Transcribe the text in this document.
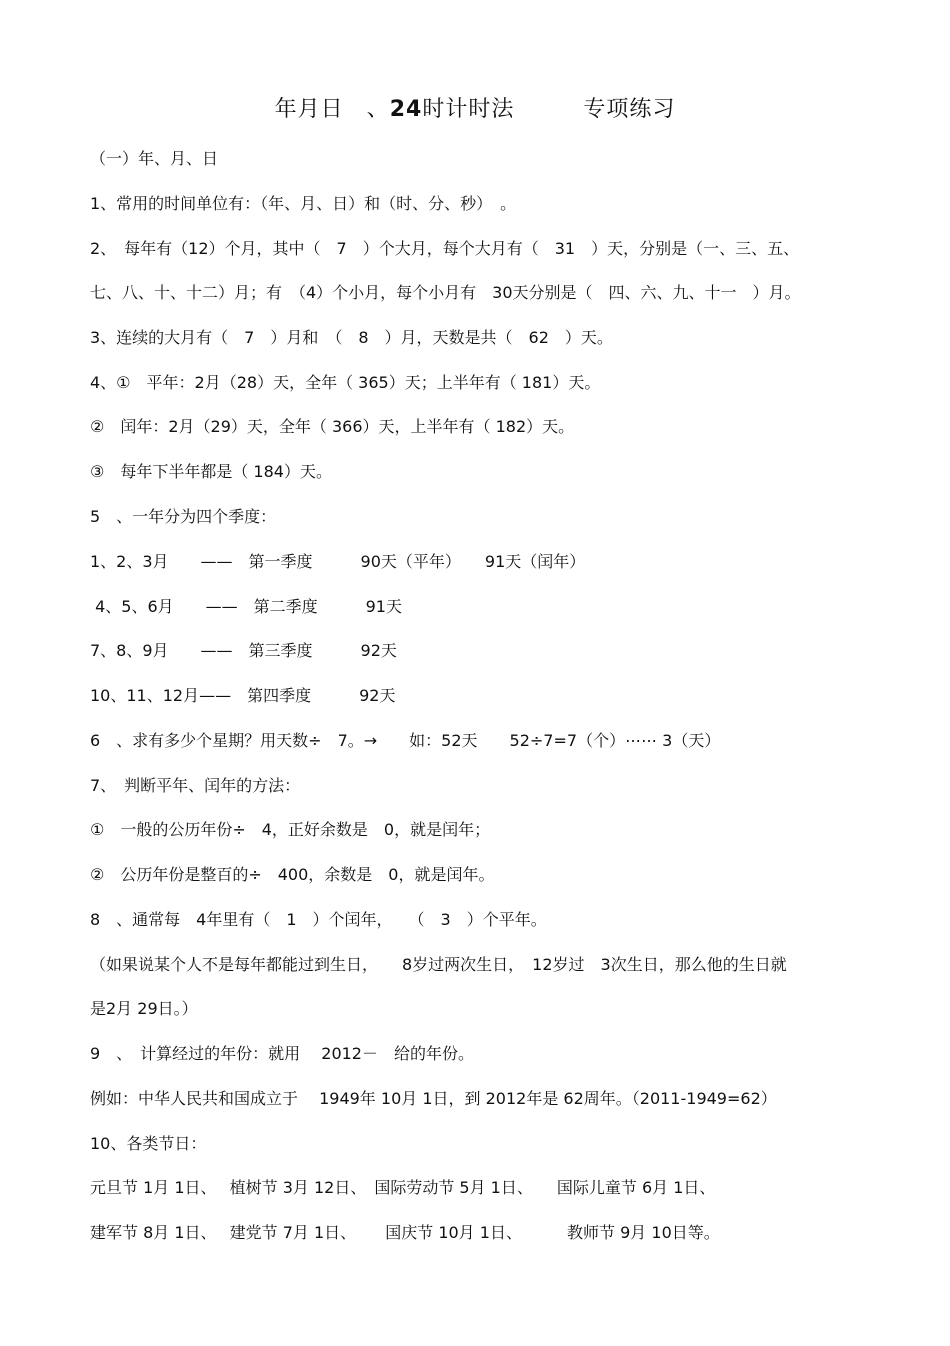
年月日　、24时计时法　　　专项练习
（一）年、月、日
1、常用的时间单位有：（年、月、日）和（时、分、秒）　。
2、　每年有（12）个月，其中（　7　）个大月，每个大月有（　31　）天，分别是（一、三、五、
七、八、十、十二）月；有　（4）个小月，每个小月有　30天分别是（　四、六、九、十一　）月。
3、连续的大月有（　7　）月和　（　8　）月，天数是共（　62　）天。
4、①　平年：2月（28）天，全年（ 365）天；上半年有（ 181）天。
②　闰年：2月（29）天，全年（ 366）天，上半年有（ 182）天。
③　每年下半年都是（ 184）天。
5　、一年分为四个季度：
1、2、3月　　——　第一季度　　　90天（平年）　　91天（闰年）
4、5、6月　　——　第二季度　　　91天
7、8、9月　　——　第三季度　　　92天
10、11、12月——　第四季度　　　92天
6　、求有多少个星期？用天数÷　7。→　　如：52天　　52÷7=7（个）⋯⋯ 3（天）
7、　判断平年、闰年的方法：
①　一般的公历年份÷　4，正好余数是　0，就是闰年；
②　公历年份是整百的÷　400，余数是　0，就是闰年。
8　、通常每　4年里有（　1　）个闰年，　　（　3　）个平年。
（如果说某个人不是每年都能过到生日，　　8岁过两次生日，　12岁过　3次生日，那么他的生日就
是2月 29日。）
9　、　计算经过的年份：就用　 2012－　给的年份。
例如：中华人民共和国成立于　 1949年 10月 1日，到 2012年是 62周年。（2011-1949=62）
10、各类节日：
元旦节 1月 1日、　 植树节 3月 12日、　国际劳动节 5月 1日、　　国际儿童节 6月 1日、
建军节 8月 1日、　 建党节 7月 1日、　　 国庆节 10月 1日、　　　 教师节 9月 10日等。
